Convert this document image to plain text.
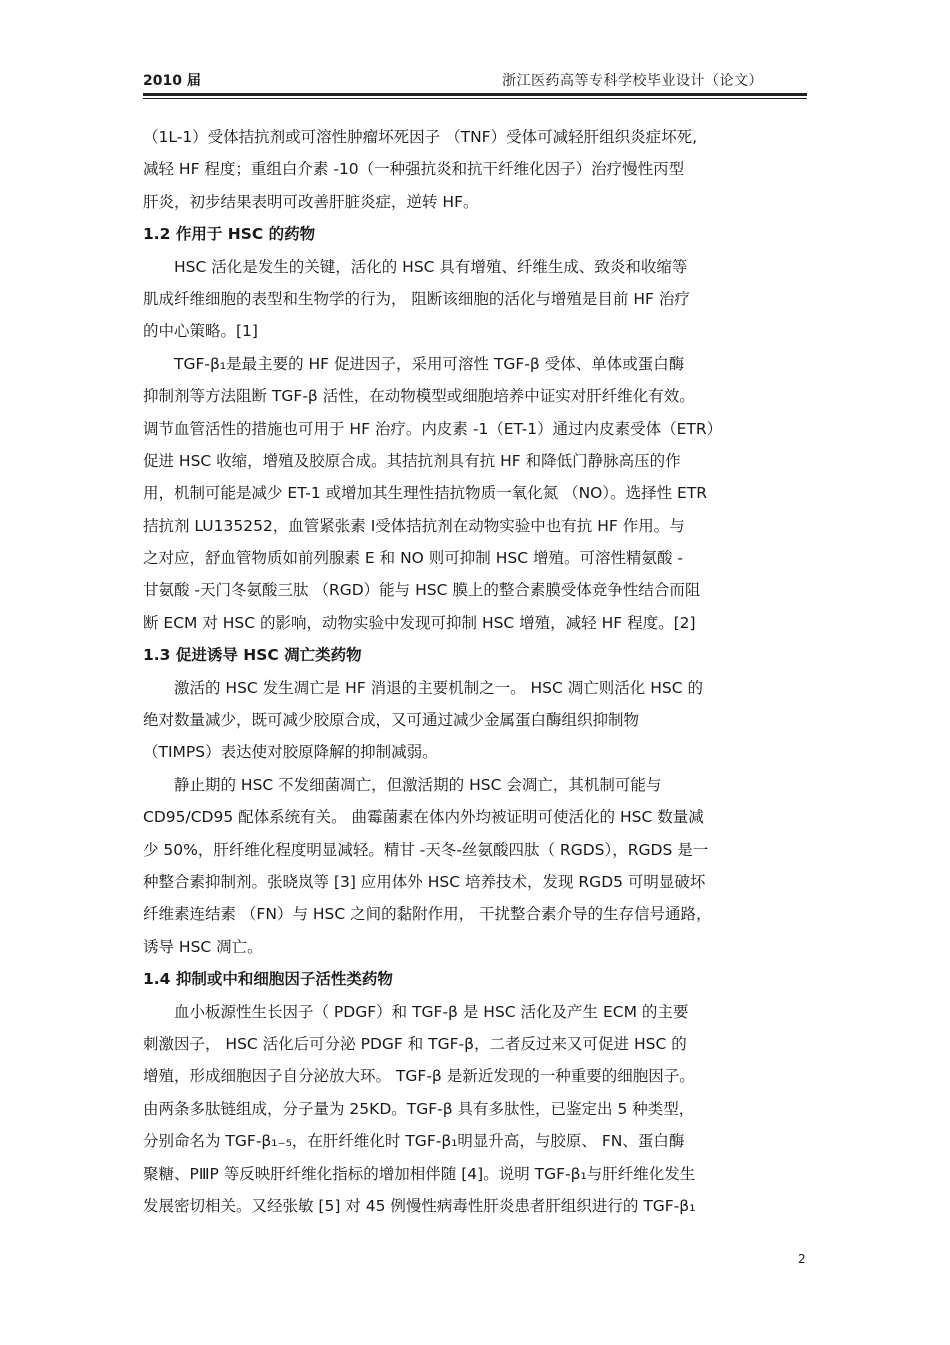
2010 届	浙江医药高等专科学校毕业设计（论文）
（1L-1）受体拮抗剂或可溶性肿瘤坏死因子 （TNF）受体可减轻肝组织炎症坏死,
减轻 HF 程度；重组白介素 -10（一种强抗炎和抗干纤维化因子）治疗慢性丙型
肝炎，初步结果表明可改善肝脏炎症，逆转 HF。
1.2 作用于 HSC 的药物
　　HSC 活化是发生的关键，活化的 HSC 具有增殖、纤维生成、致炎和收缩等
肌成纤维细胞的表型和生物学的行为， 阻断该细胞的活化与增殖是目前 HF 治疗
的中心策略。[1]
　　TGF-β₁是最主要的 HF 促进因子，采用可溶性 TGF-β 受体、单体或蛋白酶
抑制剂等方法阻断 TGF-β 活性，在动物模型或细胞培养中证实对肝纤维化有效。
调节血管活性的措施也可用于 HF 治疗。内皮素 -1（ET-1）通过内皮素受体（ETR）
促进 HSC 收缩，增殖及胶原合成。其拮抗剂具有抗 HF 和降低门静脉高压的作
用，机制可能是减少 ET-1 或增加其生理性拮抗物质一氧化氮 （NO）。选择性 ETR
拮抗剂 LU135252，血管紧张素 Ⅰ受体拮抗剂在动物实验中也有抗 HF 作用。与
之对应，舒血管物质如前列腺素 E 和 NO 则可抑制 HSC 增殖。可溶性精氨酸 -
甘氨酸 -天门冬氨酸三肽 （RGD）能与 HSC 膜上的整合素膜受体竞争性结合而阻
断 ECM 对 HSC 的影响，动物实验中发现可抑制 HSC 增殖，减轻 HF 程度。[2]
1.3 促进诱导 HSC 凋亡类药物
　　激活的 HSC 发生凋亡是 HF 消退的主要机制之一。 HSC 凋亡则活化 HSC 的
绝对数量减少，既可减少胶原合成，又可通过减少金属蛋白酶组织抑制物
（TIMPS）表达使对胶原降解的抑制减弱。
　　静止期的 HSC 不发细菌凋亡，但激活期的 HSC 会凋亡，其机制可能与
CD95/CD95 配体系统有关。 曲霉菌素在体内外均被证明可使活化的 HSC 数量减
少 50%，肝纤维化程度明显减轻。精甘 -天冬-丝氨酸四肽（ RGDS），RGDS 是一
种整合素抑制剂。张晓岚等 [3] 应用体外 HSC 培养技术，发现 RGD5 可明显破坏
纤维素连结素 （FN）与 HSC 之间的黏附作用， 干扰整合素介导的生存信号通路，
诱导 HSC 凋亡。
1.4 抑制或中和细胞因子活性类药物
　　血小板源性生长因子（ PDGF）和 TGF-β 是 HSC 活化及产生 ECM 的主要
刺激因子， HSC 活化后可分泌 PDGF 和 TGF-β，二者反过来又可促进 HSC 的
增殖，形成细胞因子自分泌放大环。 TGF-β 是新近发现的一种重要的细胞因子。
由两条多肽链组成，分子量为 25KD。TGF-β 具有多肽性，已鉴定出 5 种类型，
分别命名为 TGF-β₁₋₅，在肝纤维化时 TGF-β₁明显升高，与胶原、 FN、蛋白酶
聚糖、PⅢP 等反映肝纤维化指标的增加相伴随 [4]。说明 TGF-β₁与肝纤维化发生
发展密切相关。又经张敏 [5] 对 45 例慢性病毒性肝炎患者肝组织进行的 TGF-β₁
2
